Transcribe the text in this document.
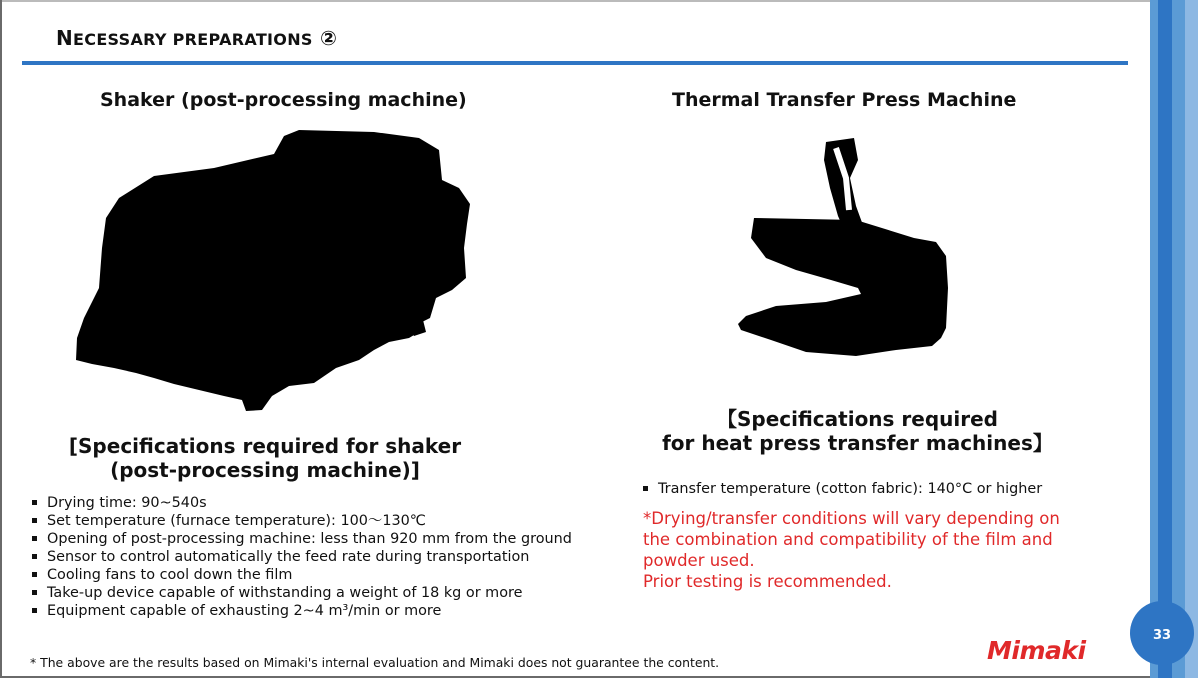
NECESSARY PREPARATIONS ②
Shaker (post-processing machine)	Thermal Transfer Press Machine
[Specifications required for shaker
(post-processing machine)]
【Specifications required
for heat press transfer machines】
Drying time: 90~540s
Set temperature (furnace temperature): 100～130℃
Opening of post-processing machine: less than 920 mm from the ground
Sensor to control automatically the feed rate during transportation
Cooling fans to cool down the film
Take-up device capable of withstanding a weight of 18 kg or more
Equipment capable of exhausting 2~4 m³/min or more
Transfer temperature (cotton fabric): 140°C or higher
*Drying/transfer conditions will vary depending on
the combination and compatibility of the film and
powder used.
Prior testing is recommended.
* The above are the results based on Mimaki's internal evaluation and Mimaki does not guarantee the content.	Mimaki
33
